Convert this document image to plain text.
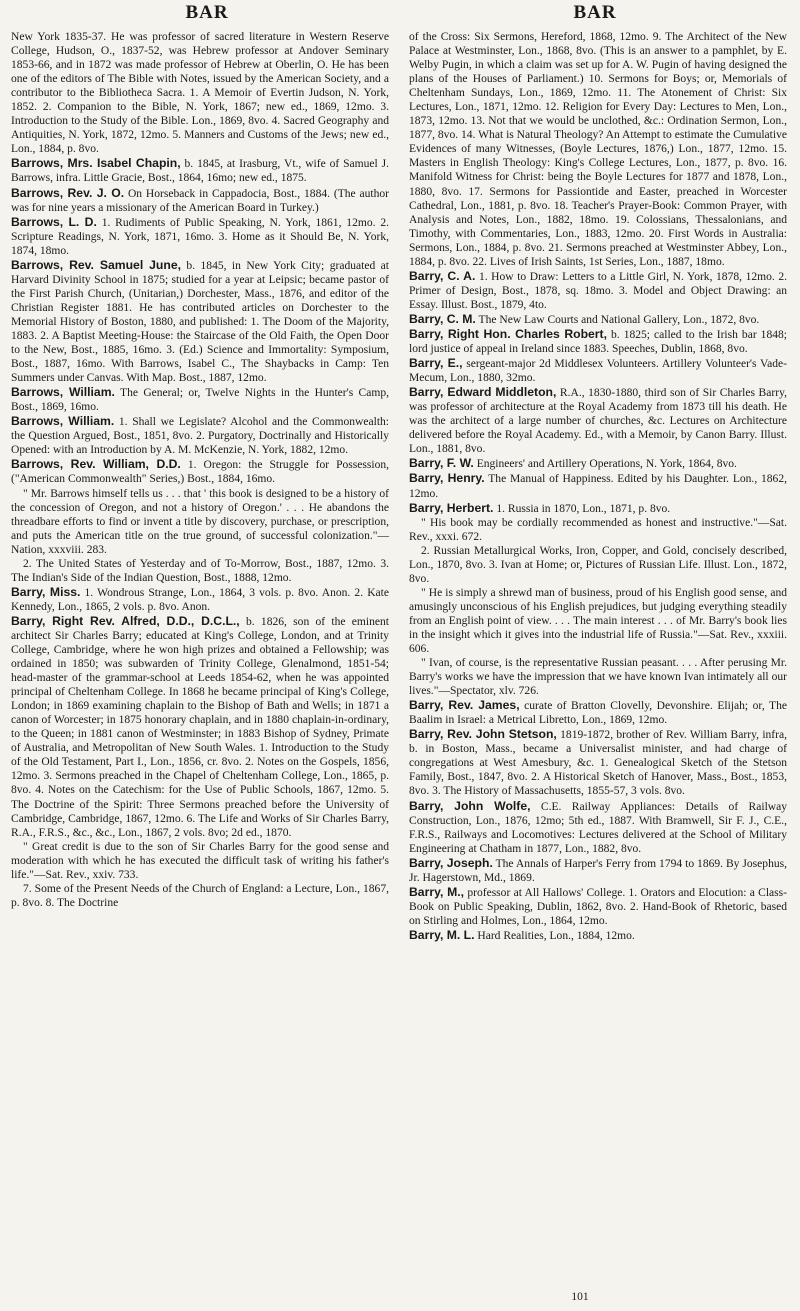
BAR	BAR

New York 1835-37. He was professor of sacred literature in Western Reserve College, Hudson, O., 1837-52, was Hebrew professor at Andover Seminary 1853-66, and in 1872 was made professor of Hebrew at Oberlin, O. He has been one of the editors of The Bible with Notes, issued by the American Society, and a contributor to the Bibliotheca Sacra. 1. A Memoir of Evertin Judson, N. York, 1852. 2. Companion to the Bible, N. York, 1867; new ed., 1869, 12mo. 3. Introduction to the Study of the Bible. Lon., 1869, 8vo. 4. Sacred Geography and Antiquities, N. York, 1872, 12mo. 5. Manners and Customs of the Jews; new ed., Lon., 1884, p. 8vo.

Barrows, Mrs. Isabel Chapin, b. 1845, at Irasburg, Vt., wife of Samuel J. Barrows, infra. Little Gracie, Bost., 1864, 16mo; new ed., 1875.

Barrows, Rev. J. O. On Horseback in Cappadocia, Bost., 1884. (The author was for nine years a missionary of the American Board in Turkey.)

Barrows, L. D. 1. Rudiments of Public Speaking, N. York, 1861, 12mo. 2. Scripture Readings, N. York, 1871, 16mo. 3. Home as it Should Be, N. York, 1874, 18mo.

Barrows, Rev. Samuel June, b. 1845, in New York City; graduated at Harvard Divinity School in 1875; studied for a year at Leipsic; became pastor of the First Parish Church, (Unitarian,) Dorchester, Mass., 1876, and editor of the Christian Register 1881. He has contributed articles on Dorchester to the Memorial History of Boston, 1880, and published: 1. The Doom of the Majority, 1883. 2. A Baptist Meeting-House: the Staircase of the Old Faith, the Open Door to the New, Bost., 1885, 16mo. 3. (Ed.) Science and Immortality: Symposium, Bost., 1887, 16mo. With Barrows, Isabel C., The Shaybacks in Camp: Ten Summers under Canvas. With Map. Bost., 1887, 12mo.

Barrows, William. The General; or, Twelve Nights in the Hunter's Camp, Bost., 1869, 16mo.

Barrows, William. 1. Shall we Legislate? Alcohol and the Commonwealth: the Question Argued, Bost., 1851, 8vo. 2. Purgatory, Doctrinally and Historically Opened: with an Introduction by A. M. McKenzie, N. York, 1882, 12mo.

Barrows, Rev. William, D.D. 1. Oregon: the Struggle for Possession, ("American Commonwealth" Series,) Bost., 1884, 16mo.

" Mr. Barrows himself tells us . . . that ' this book is designed to be a history of the concession of Oregon, and not a history of Oregon.' . . . He abandons the threadbare efforts to find or invent a title by discovery, purchase, or prescription, and puts the American title on the true ground, of successful colonization."—Nation, xxxviii. 283.

2. The United States of Yesterday and of To-Morrow, Bost., 1887, 12mo. 3. The Indian's Side of the Indian Question, Bost., 1888, 12mo.

Barry, Miss. 1. Wondrous Strange, Lon., 1864, 3 vols. p. 8vo. Anon. 2. Kate Kennedy, Lon., 1865, 2 vols. p. 8vo. Anon.

Barry, Right Rev. Alfred, D.D., D.C.L., b. 1826, son of the eminent architect Sir Charles Barry; educated at King's College, London, and at Trinity College, Cambridge, where he won high prizes and obtained a Fellowship; was ordained in 1850; was subwarden of Trinity College, Glenalmond, 1851-54; head-master of the grammar-school at Leeds 1854-62, when he was appointed principal of Cheltenham College. In 1868 he became principal of King's College, London; in 1869 examining chaplain to the Bishop of Bath and Wells; in 1871 a canon of Worcester; in 1875 honorary chaplain, and in 1880 chaplain-in-ordinary, to the Queen; in 1881 canon of Westminster; in 1883 Bishop of Sydney, Primate of Australia, and Metropolitan of New South Wales. 1. Introduction to the Study of the Old Testament, Part I., Lon., 1856, cr. 8vo. 2. Notes on the Gospels, 1856, 12mo. 3. Sermons preached in the Chapel of Cheltenham College, Lon., 1865, p. 8vo. 4. Notes on the Catechism: for the Use of Public Schools, 1867, 12mo. 5. The Doctrine of the Spirit: Three Sermons preached before the University of Cambridge, Cambridge, 1867, 12mo. 6. The Life and Works of Sir Charles Barry, R.A., F.R.S., &c., &c., Lon., 1867, 2 vols. 8vo; 2d ed., 1870.

" Great credit is due to the son of Sir Charles Barry for the good sense and moderation with which he has executed the difficult task of writing his father's life."—Sat. Rev., xxiv. 733.

7. Some of the Present Needs of the Church of England: a Lecture, Lon., 1867, p. 8vo. 8. The Doctrine

of the Cross: Six Sermons, Hereford, 1868, 12mo. 9. The Architect of the New Palace at Westminster, Lon., 1868, 8vo. (This is an answer to a pamphlet, by E. Welby Pugin, in which a claim was set up for A. W. Pugin of having designed the plans of the Houses of Parliament.) 10. Sermons for Boys; or, Memorials of Cheltenham Sundays, Lon., 1869, 12mo. 11. The Atonement of Christ: Six Lectures, Lon., 1871, 12mo. 12. Religion for Every Day: Lectures to Men, Lon., 1873, 12mo. 13. Not that we would be unclothed, &c.: Ordination Sermon, Lon., 1877, 8vo. 14. What is Natural Theology? An Attempt to estimate the Cumulative Evidences of many Witnesses, (Boyle Lectures, 1876,) Lon., 1877, 12mo. 15. Masters in English Theology: King's College Lectures, Lon., 1877, p. 8vo. 16. Manifold Witness for Christ: being the Boyle Lectures for 1877 and 1878, Lon., 1880, 8vo. 17. Sermons for Passiontide and Easter, preached in Worcester Cathedral, Lon., 1881, p. 8vo. 18. Teacher's Prayer-Book: Common Prayer, with Analysis and Notes, Lon., 1882, 18mo. 19. Colossians, Thessalonians, and Timothy, with Commentaries, Lon., 1883, 12mo. 20. First Words in Australia: Sermons, Lon., 1884, p. 8vo. 21. Sermons preached at Westminster Abbey, Lon., 1884, p. 8vo. 22. Lives of Irish Saints, 1st Series, Lon., 1887, 18mo.

Barry, C. A. 1. How to Draw: Letters to a Little Girl, N. York, 1878, 12mo. 2. Primer of Design, Bost., 1878, sq. 18mo. 3. Model and Object Drawing: an Essay. Illust. Bost., 1879, 4to.

Barry, C. M. The New Law Courts and National Gallery, Lon., 1872, 8vo.

Barry, Right Hon. Charles Robert, b. 1825; called to the Irish bar 1848; lord justice of appeal in Ireland since 1883. Speeches, Dublin, 1868, 8vo.

Barry, E., sergeant-major 2d Middlesex Volunteers. Artillery Volunteer's Vade-Mecum, Lon., 1880, 32mo.

Barry, Edward Middleton, R.A., 1830-1880, third son of Sir Charles Barry, was professor of architecture at the Royal Academy from 1873 till his death. He was the architect of a large number of churches, &c. Lectures on Architecture delivered before the Royal Academy. Ed., with a Memoir, by Canon Barry. Illust. Lon., 1881, 8vo.

Barry, F. W. Engineers' and Artillery Operations, N. York, 1864, 8vo.

Barry, Henry. The Manual of Happiness. Edited by his Daughter. Lon., 1862, 12mo.

Barry, Herbert. 1. Russia in 1870, Lon., 1871, p. 8vo.

" His book may be cordially recommended as honest and instructive."—Sat. Rev., xxxi. 672.

2. Russian Metallurgical Works, Iron, Copper, and Gold, concisely described, Lon., 1870, 8vo. 3. Ivan at Home; or, Pictures of Russian Life. Illust. Lon., 1872, 8vo.

" He is simply a shrewd man of business, proud of his English good sense, and amusingly unconscious of his English prejudices, but judging everything steadily from an English point of view. . . . The main interest . . . of Mr. Barry's book lies in the insight which it gives into the industrial life of Russia."—Sat. Rev., xxxiii. 606.

" Ivan, of course, is the representative Russian peasant. . . . After perusing Mr. Barry's works we have the impression that we have known Ivan intimately all our lives."—Spectator, xlv. 726.

Barry, Rev. James, curate of Bratton Clovelly, Devonshire. Elijah; or, The Baalim in Israel: a Metrical Libretto, Lon., 1869, 12mo.

Barry, Rev. John Stetson, 1819-1872, brother of Rev. William Barry, infra, b. in Boston, Mass., became a Universalist minister, and had charge of congregations at West Amesbury, &c. 1. Genealogical Sketch of the Stetson Family, Bost., 1847, 8vo. 2. A Historical Sketch of Hanover, Mass., Bost., 1853, 8vo. 3. The History of Massachusetts, 1855-57, 3 vols. 8vo.

Barry, John Wolfe, C.E. Railway Appliances: Details of Railway Construction, Lon., 1876, 12mo; 5th ed., 1887. With Bramwell, Sir F. J., C.E., F.R.S., Railways and Locomotives: Lectures delivered at the School of Military Engineering at Chatham in 1877, Lon., 1882, 8vo.

Barry, Joseph. The Annals of Harper's Ferry from 1794 to 1869. By Josephus, Jr. Hagerstown, Md., 1869.

Barry, M., professor at All Hallows' College. 1. Orators and Elocution: a Class-Book on Public Speaking, Dublin, 1862, 8vo. 2. Hand-Book of Rhetoric, based on Stirling and Holmes, Lon., 1864, 12mo.

Barry, M. L. Hard Realities, Lon., 1884, 12mo.

101
